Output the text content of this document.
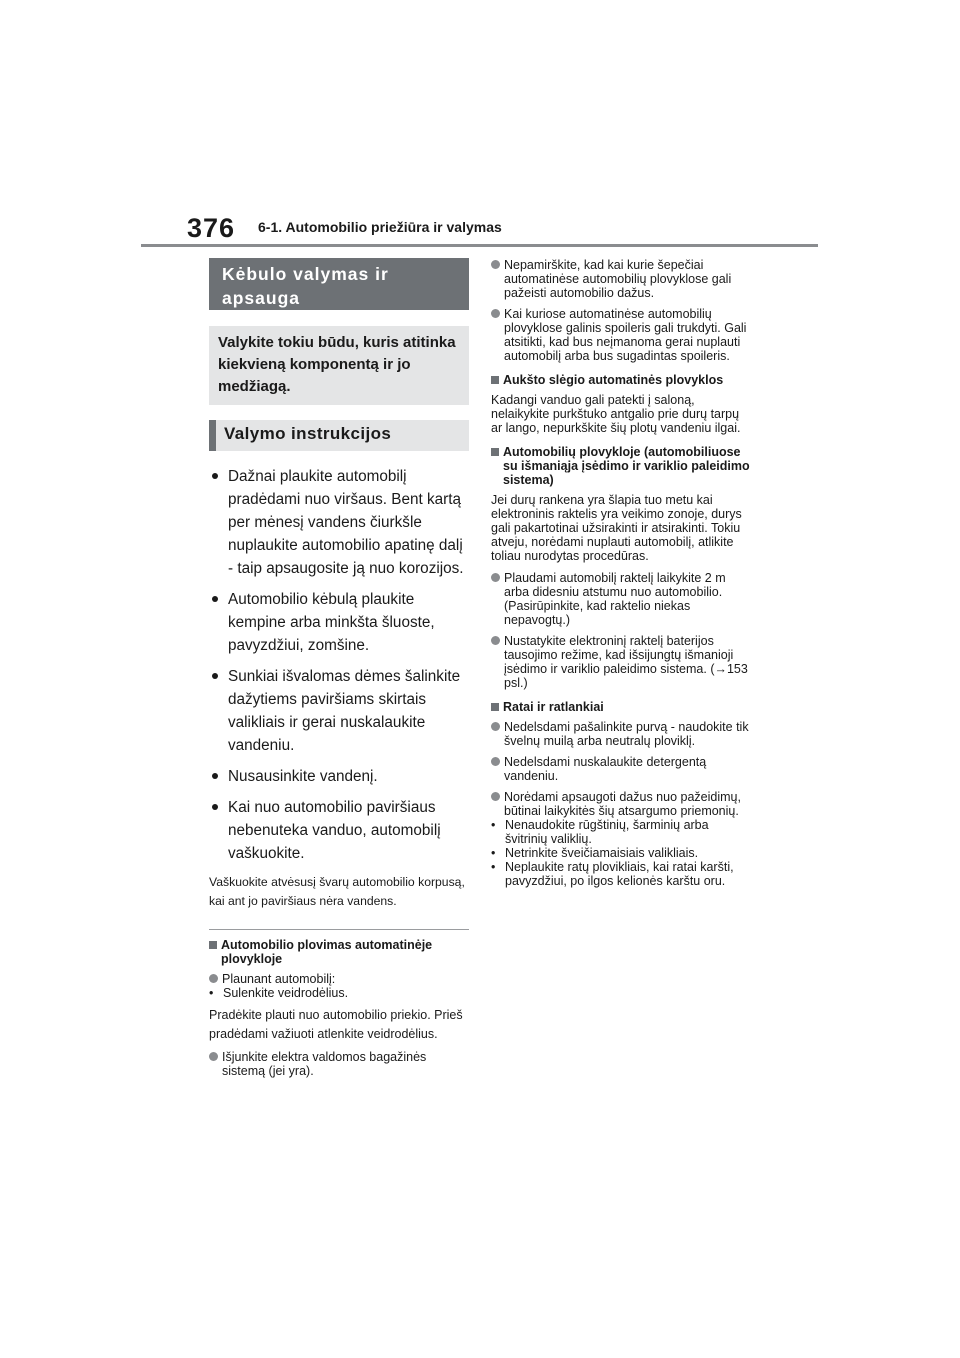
376 6-1. Automobilio priežiūra ir valymas
Kėbulo valymas ir apsauga
Valykite tokiu būdu, kuris atitinka kiekvieną komponentą ir jo medžiagą.
Valymo instrukcijos
Dažnai plaukite automobilį pradėdami nuo viršaus. Bent kartą per mėnesį vandens čiurkšle nuplaukite automobilio apatinę dalį - taip apsaugosite ją nuo korozijos.
Automobilio kėbulą plaukite kempine arba minkšta šluoste, pavyzdžiui, zomšine.
Sunkiai išvalomas dėmes šalinkite dažytiems paviršiams skirtais valikliais ir gerai nuskalaukite vandeniu.
Nusausinkite vandenį.
Kai nuo automobilio paviršiaus nebenuteka vanduo, automobilį vaškuokite.
Vaškuokite atvėsusį švarų automobilio korpusą, kai ant jo paviršiaus nėra vandens.
Automobilio plovimas automatinėje plovykloje
Plaunant automobilį:
• Sulenkite veidrodėlius.
Pradėkite plauti nuo automobilio priekio. Prieš pradėdami važiuoti atlenkite veidrodėlius.
Išjunkite elektra valdomos bagažinės sistemą (jei yra).
Nepamirškite, kad kai kurie šepečiai automatinėse automobilių plovyklose gali pažeisti automobilio dažus.
Kai kuriose automatinėse automobilių plovyklose galinis spoileris gali trukdyti. Gali atsitikti, kad bus neįmanoma gerai nuplauti automobilį arba bus sugadintas spoileris.
Aukšto slėgio automatinės plovyklos
Kadangi vanduo gali patekti į saloną, nelaikykite purkštuko antgalio prie durų tarpų ar lango, nepurkškite šių plotų vandeniu ilgai.
Automobilių plovykloje (automobiliuose su išmaniąja įsėdimo ir variklio paleidimo sistema)
Jei durų rankena yra šlapia tuo metu kai elektroninis raktelis yra veikimo zonoje, durys gali pakartotinai užsirakinti ir atsirakinti. Tokiu atveju, norėdami nuplauti automobilį, atlikite toliau nurodytas procedūras.
Plaudami automobilį raktelį laikykite 2 m arba didesniu atstumu nuo automobilio. (Pasirūpinkite, kad raktelio niekas nepavogtų.)
Nustatykite elektroninį raktelį baterijos tausojimo režime, kad išsijungtų išmanioji įsėdimo ir variklio paleidimo sistema. (→153 psl.)
Ratai ir ratlankiai
Nedelsdami pašalinkite purvą - naudokite tik švelnų muilą arba neutralų ploviklį.
Nedelsdami nuskalaukite detergentą vandeniu.
Norėdami apsaugoti dažus nuo pažeidimų, būtinai laikykitės šių atsargumo priemonių.
• Nenaudokite rūgštinių, šarminių arba švitrinių valiklių.
• Netrinkite šveičiamaisiais valikliais.
• Neplaukite ratų plovikliais, kai ratai karšti, pavyzdžiui, po ilgos kelionės karštu oru.
